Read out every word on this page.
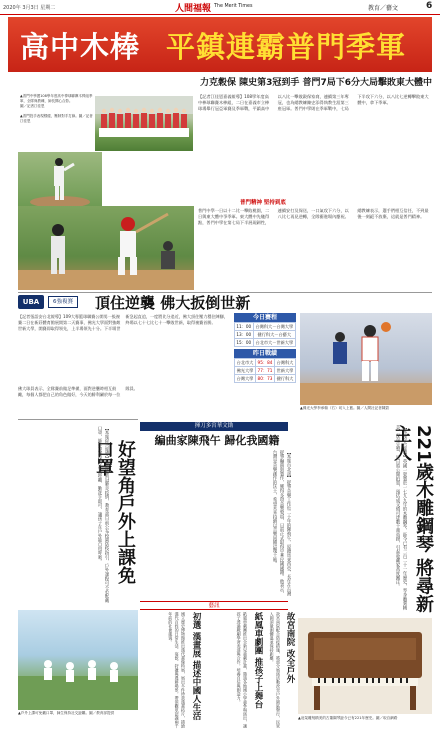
2020年 3月3日 星期二	人間福報 The Merit Times	教育／藝文	6
高中木棒 平鎮連霸普門季軍
力克穀保 陳史第3冠到手 普門7局下6分大局擊敗東大體中
▲普門中學獲108學年度高中棒球聯賽木棒組季軍，全隊與教練、師長開心合影。
圖／記者江佳恩

▲普門投手表現穩健，壓制對手打線。圖／記者江佳恩
【記者江佳恩嘉義報導】108學年度高中棒球聯賽木棒組，二日在嘉義市立棒球場舉行冠亞軍賽及季軍戰，平鎮高中以八比一擊敗穀保家商，連續第三年奪冠，也為總教練陳史添得執教生涯第三座冠軍。普門中學則在季軍戰中，七局下半攻下六分，以八比七逆轉擊敗東大體中，拿下季軍。
普門精神 堅持到底
普門中學一日以十二比一擊敗桃園，二日與東大體中爭季軍。東大體中先馳得點，普門中學在第七局下半展現韌性，連續安打及保送，一口氣攻下六分，以八比七再見逆轉，全隊衝進場內慶祝。總教練表示，選手們相互信任，不到最後一刻絕不放棄，這就是普門精神。
UBA	6強複賽	頂住逆襲 佛大扳倒世新
【記者張語安台北報導】109大專籃球聯賽公開男一級複賽二日在新莊體育館展開第二天賽事，佛光大學面對強敵世新大學，開賽即取得領先，上半場領先十分。下半場世新急起直追，一度將比分追近，佛大頂住壓力穩住陣腳，終場以七十七比七十一擊敗世新，取得複賽首勝。
佛大球員表示，全隊賽前做足準備，面對逆襲時相互鼓勵，每個人都把自己的角色做好，今天的勝利屬於每一位隊員。
今日賽程
11：00	台灣科大－台灣大學
13：00	健行科大－台藝大
15：00	台北市大－世新大學
昨日戰績
台北市大	95：84	台灣科大
佛光大學	77：71	世新大學
台灣大學	80：73	健行科大
▲佛光大學李承翰（右）切入上籃。圖／人間社記者陳碧
揮刀多宮華文勛
好望角戶外上課免口罩
【本報綜合報導】為防範新冠肺炎疫情，教育部日前公布校園防疫指引，戶外課程可不必配戴口罩，師生只要保持社交距離、勤洗手即可，讓孩子在戶外能自由呼吸。
▲戶外上課可免戴口罩，師生保持社交距離。圖／教育部提供
編曲家陳飛午 歸化我國籍
【本報台北訊】從事音樂工作近二十年的陳飛午，原籍馬來西亞，長年在台灣從事編曲與製作，獲得多項音樂獎項，日前正式取得中華民國國籍。他表示，台灣是音樂創作的沃土，希望未來持續以音樂回饋這塊土地。
藝訊
初選 漢畫展 描述中國人生活
國立歷史博物館推出漢代畫像特展，展出多件珍貴漢畫拓片，描繪漢代百姓的日常生活、宴飲、狩獵與農耕場景，帶領觀眾認識兩千年前的社會風貌。	紙風車劇團 推孩子上舞台
紙風車劇團推出全新兒童劇計畫，邀請各地國小學童參與演出，讓孩子透過戲劇學習表達與合作，培養自信與創造力。	故宮南院 改全戶外
故宮南院配合防疫措施，將部分展演活動改至戶外園區舉行，民眾入園須量測體溫並保持距離。
221歲木雕鋼琴 將尋新主人
【本報綜合報導】英國一架製於一七九九年的木雕鋼琴，距今已有二百二十一年歷史，琴身雕刻精美，保存完整，近日將公開拍賣，預估成交價可達數十萬英鎊，引起收藏家高度關注。
▲這架雕刻精美的古董鋼琴距今已有221年歷史。圖／取自網路
